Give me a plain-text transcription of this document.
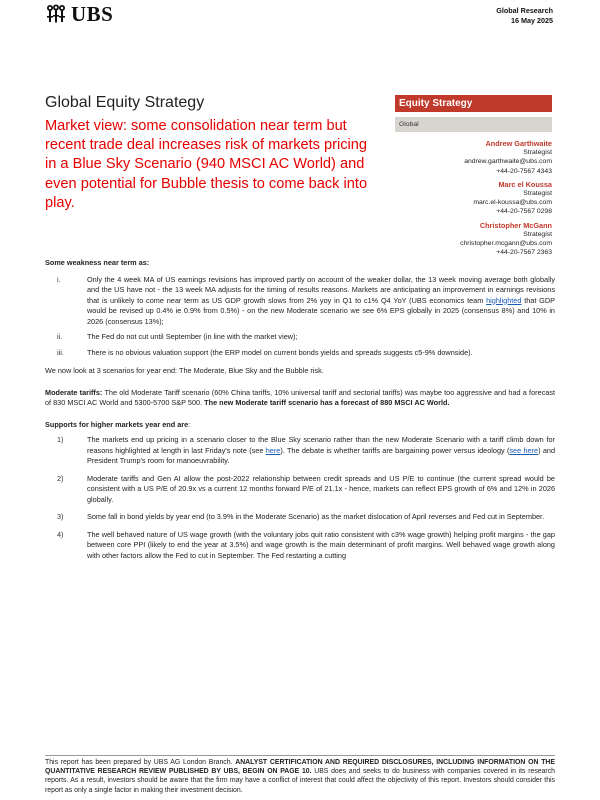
UBS	Global Research
16 May 2025
Global Equity Strategy
Market view: some consolidation near term but recent trade deal increases risk of markets pricing in a Blue Sky Scenario (940 MSCI AC World) and even potential for Bubble thesis to come back into play.
Equity Strategy
Global
Andrew Garthwaite
Strategist
andrew.garthwaite@ubs.com
+44-20-7567 4343
Marc el Koussa
Strategist
marc.el-koussa@ubs.com
+44-20-7567 0298
Christopher McGann
Strategist
christopher.mcgann@ubs.com
+44-20-7567 2363
Some weakness near term as:
i.	Only the 4 week MA of US earnings revisions has improved partly on account of the weaker dollar, the 13 week moving average both globally and the US have not - the 13 week MA adjusts for the timing of results reasons. Markets are anticipating an improvement in earnings revisions that is unlikely to come near term as US GDP growth slows from 2% yoy in Q1 to c1% Q4 YoY (UBS economics team highlighted that GDP would be revised up 0.4% ie 0.9% from 0.5%) - on the new Moderate scenario we see 6% EPS globally in 2025 (consensus 8%) and 10% in 2026 (consensus 13%);
ii.	The Fed do not cut until September (in line with the market view);
iii.	There is no obvious valuation support (the ERP model on current bonds yields and spreads suggests c5-9% downside).

We now look at 3 scenarios for year end: The Moderate, Blue Sky and the Bubble risk.

Moderate tariffs: The old Moderate Tariff scenario (60% China tariffs, 10% universal tariff and sectorial tariffs) was maybe too aggressive and had a forecast of 830 MSCI AC World and 5300-5700 S&P 500. The new Moderate tariff scenario has a forecast of 880 MSCI AC World.

Supports for higher markets year end are:
1)	The markets end up pricing in a scenario closer to the Blue Sky scenario rather than the new Moderate Scenario with a tariff climb down for reasons highlighted at length in last Friday's note (see here). The debate is whether tariffs are bargaining power versus ideology (see here) and President Trump's room for manoeuvrability.
2)	Moderate tariffs and Gen AI allow the post-2022 relationship between credit spreads and US P/E to continue (the current spread would be consistent with a US P/E of 20.9x vs a current 12 months forward P/E of 21.1x - hence, markets can reflect EPS growth of 6% and 12% in 2026 globally.
3)	Some fall in bond yields by year end (to 3.9% in the Moderate Scenario) as the market dislocation of April reverses and Fed cut in September.
4)	The well behaved nature of US wage growth (with the voluntary jobs quit ratio consistent with c3% wage growth) helping profit margins - the gap between core PPI (likely to end the year at 3.5%) and wage growth is the main determinant of profit margins. Well behaved wage growth along with other factors allow the Fed to cut in September. The Fed restarting a cutting
This report has been prepared by UBS AG London Branch. ANALYST CERTIFICATION AND REQUIRED DISCLOSURES, INCLUDING INFORMATION ON THE QUANTITATIVE RESEARCH REVIEW PUBLISHED BY UBS, BEGIN ON PAGE 10. UBS does and seeks to do business with companies covered in its research reports. As a result, investors should be aware that the firm may have a conflict of interest that could affect the objectivity of this report. Investors should consider this report as only a single factor in making their investment decision.
